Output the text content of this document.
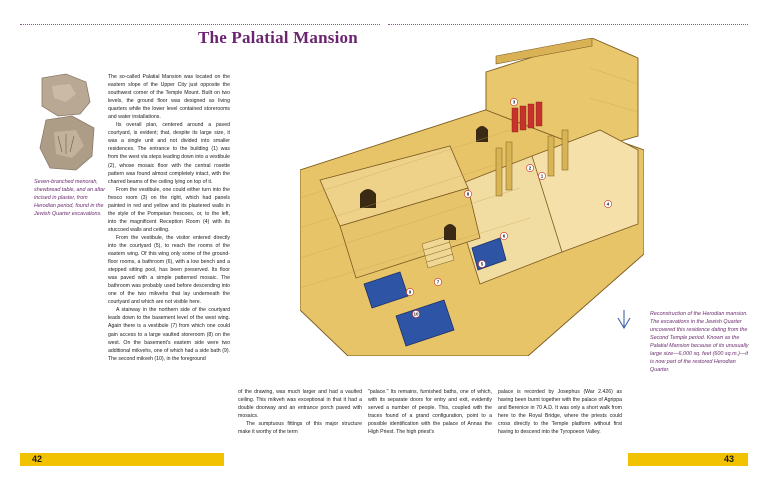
The Palatial Mansion
Seven-branched menorah, shewbread table, and an altar incised in plaster, from Herodian period, found in the Jewish Quarter excavations.

The so-called Palatial Mansion was located on the eastern slope of the Upper City just opposite the southwest corner of the Temple Mount. Built on two levels, the ground floor was designed as living quarters while the lower level contained storerooms and water installations.

Its overall plan, centered around a paved courtyard, is evident; that, despite its large size, it was a single unit and not divided into smaller residences. The entrance to the building (1) was from the west via steps leading down into a vestibule (2), whose mosaic floor with the central rosette pattern was found almost completely intact, with the charred beams of the ceiling lying on top of it.

From the vestibule, one could either turn into the fresco room (3) on the right, which had panels painted in red and yellow and its plastered walls in the style of the Pompeian frescoes, or, to the left, into the magnificent Reception Room (4) with its stuccoed walls and ceiling.

From the vestibule, the visitor entered directly into the courtyard (5), to reach the rooms of the eastern wing. Of this wing only some of the ground-floor rooms, a bathroom (6), with a low bench and a stepped sitting pool, has been preserved. Its floor was paved with a simple patterned mosaic. The bathroom was probably used before descending into one of the two mikvehs that lay underneath the courtyard and which are not visible here.

A stairway in the northern side of the courtyard leads down to the basement level of the west wing. Again there is a vestibule (7) from which one could gain access to a large vaulted storeroom (8) on the west. On the basement's eastern side were two additional mikvehs, one of which had a side bath (9). The second mikveh (10), in the foreground

of the drawing, was much larger and had a vaulted ceiling. This mikveh was exceptional in that it had a double doorway and an entrance porch paved with mosaics.

The sumptuous fittings of this major structure make it worthy of the term

"palace." Its remains, furnished baths, one of which, with its separate doors for entry and exit, evidently served a number of people. This, coupled with the traces found of a grand configuration, point to a possible identification with the palace of Annas the High Priest. The high priest's

palace is recorded by Josephus (War 2.426) as having been burnt together with the palace of Agrippa and Berenice in 70 A.D. It was only a short walk from here to the Royal Bridge, where the priests could cross directly to the Temple platform without first having to descend into the Tyropoeon Valley.

3
2
4
1
8
5
9
7
10
6
Reconstruction of the Herodian mansion. The excavations in the Jewish Quarter uncovered this residence dating from the Second Temple period. Known as the Palatial Mansion because of its unusually large size—6,000 sq. feet (600 sq.m.)—it is now part of the restored Herodian Quarter.
42	43
